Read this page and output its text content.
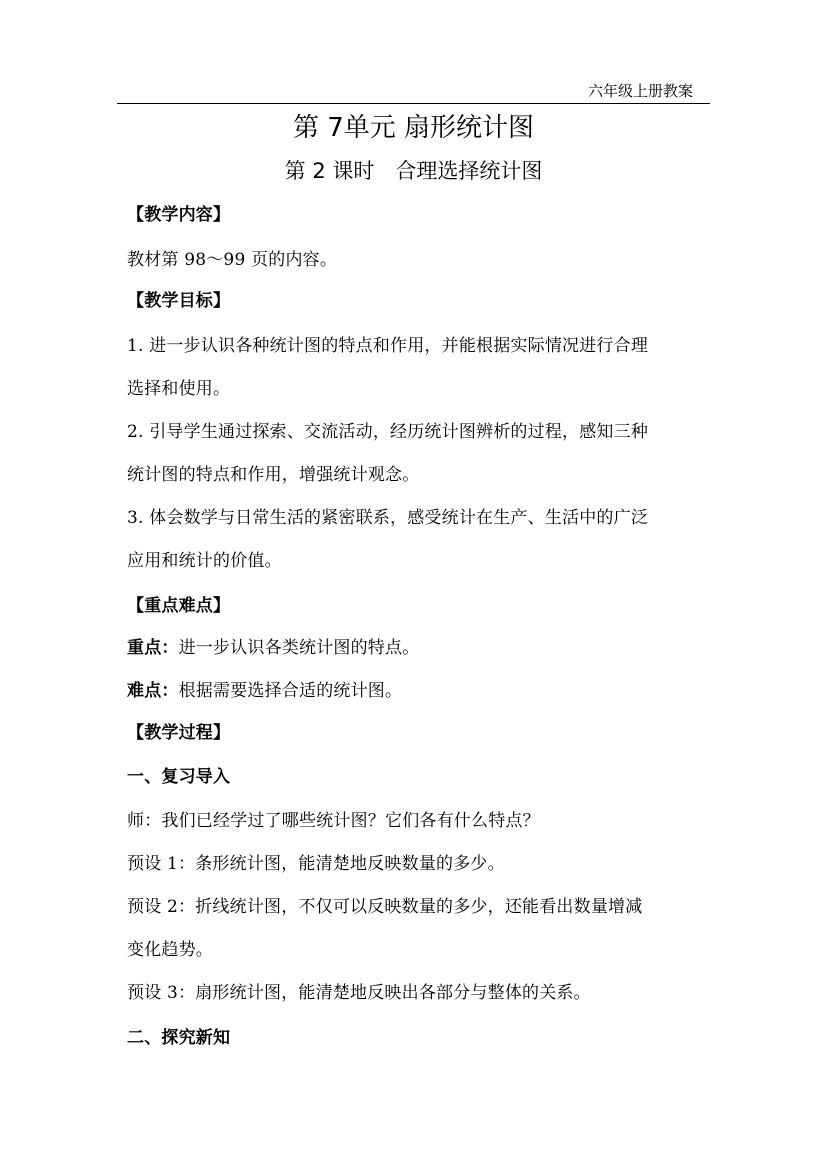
六年级上册教案
第 7单元 扇形统计图
第 2 课时　合理选择统计图
【教学内容】
教材第 98～99 页的内容。
【教学目标】
1. 进一步认识各种统计图的特点和作用，并能根据实际情况进行合理
选择和使用。
2. 引导学生通过探索、交流活动，经历统计图辨析的过程，感知三种
统计图的特点和作用，增强统计观念。
3. 体会数学与日常生活的紧密联系，感受统计在生产、生活中的广泛
应用和统计的价值。
【重点难点】
重点：进一步认识各类统计图的特点。
难点：根据需要选择合适的统计图。
【教学过程】
一、复习导入
师：我们已经学过了哪些统计图？它们各有什么特点？
预设 1：条形统计图，能清楚地反映数量的多少。
预设 2：折线统计图，不仅可以反映数量的多少，还能看出数量增减
变化趋势。
预设 3：扇形统计图，能清楚地反映出各部分与整体的关系。
二、探究新知
